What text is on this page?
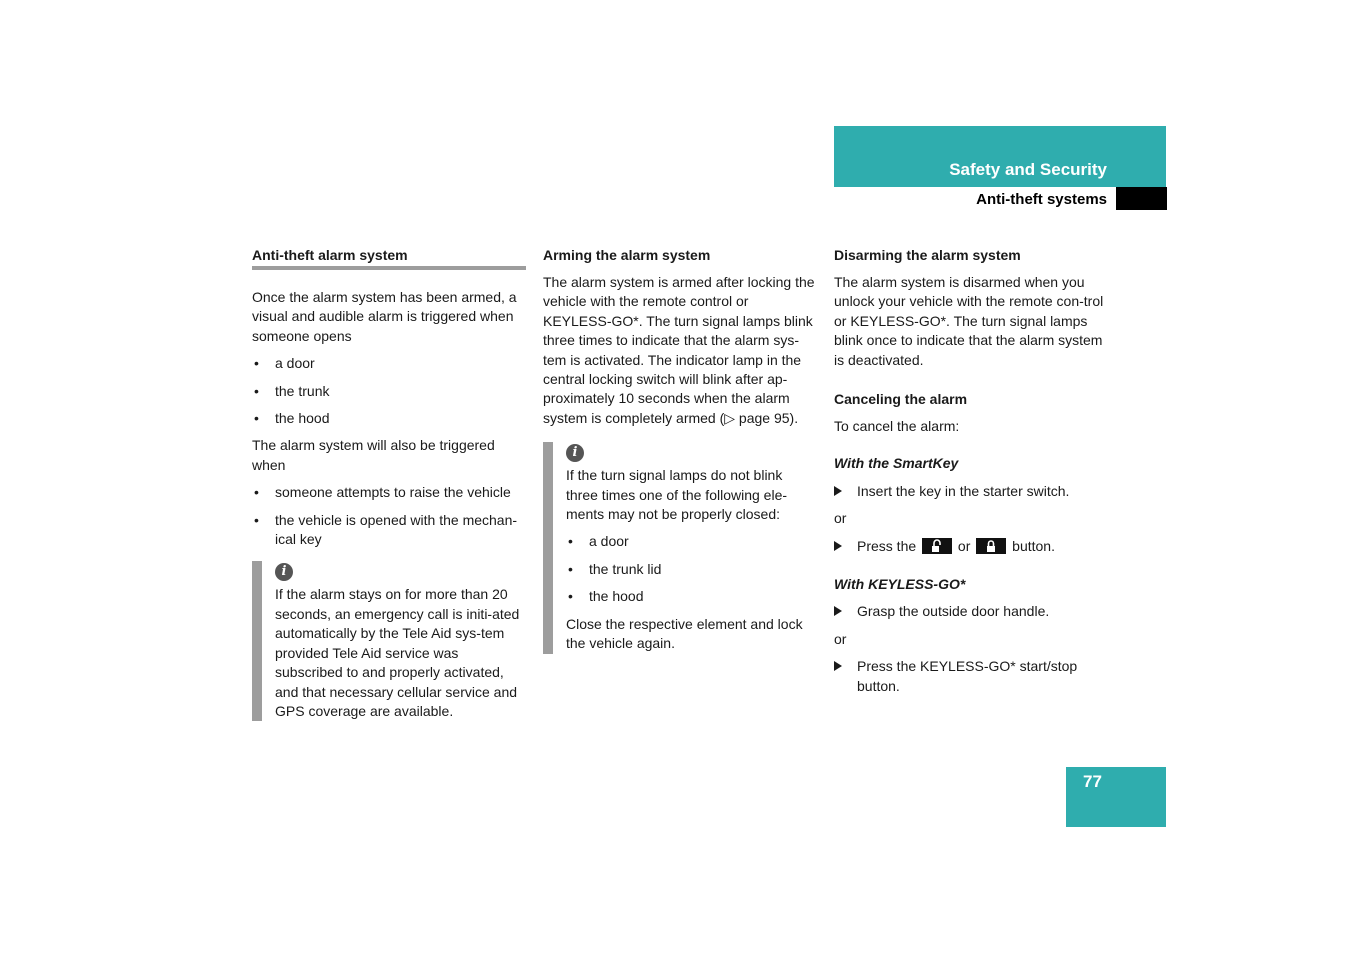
Safety and Security
Anti-theft systems
Anti-theft alarm system

Once the alarm system has been armed, a visual and audible alarm is triggered when someone opens

• a door
• the trunk
• the hood

The alarm system will also be triggered when

• someone attempts to raise the vehicle
• the vehicle is opened with the mechan-ical key
i
If the alarm stays on for more than 20 seconds, an emergency call is initi-ated automatically by the Tele Aid sys-tem provided Tele Aid service was subscribed to and properly activated, and that necessary cellular service and GPS coverage are available.
Arming the alarm system

The alarm system is armed after locking the vehicle with the remote control or KEYLESS-GO*. The turn signal lamps blink three times to indicate that the alarm sys-tem is activated. The indicator lamp in the central locking switch will blink after ap-proximately 10 seconds when the alarm system is completely armed (▷ page 95).

i

If the turn signal lamps do not blink three times one of the following ele-ments may not be properly closed:

• a door
• the trunk lid
• the hood

Close the respective element and lock the vehicle again.

Disarming the alarm system

The alarm system is disarmed when you unlock your vehicle with the remote con-trol or KEYLESS-GO*. The turn signal lamps blink once to indicate that the alarm system is deactivated.

Canceling the alarm

To cancel the alarm:

With the SmartKey
Insert the key in the starter switch.

or

Press the	or	button.
With KEYLESS-GO*
Grasp the outside door handle.

or

Press the KEYLESS-GO* start/stop button.
77
